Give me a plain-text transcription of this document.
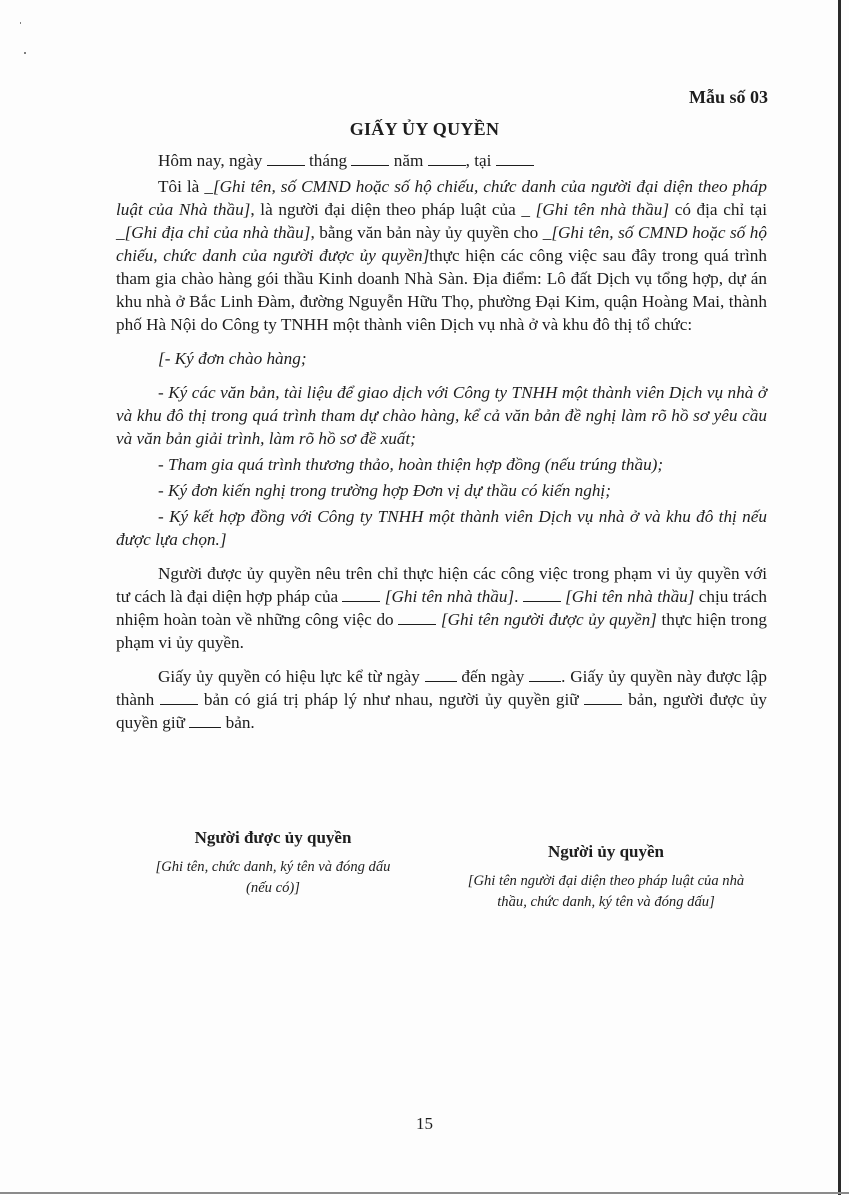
Mẫu số 03

GIẤY ỦY QUYỀN

Hôm nay, ngày  tháng  năm , tại

Tôi là _[Ghi tên, số CMND hoặc số hộ chiếu, chức danh của người đại diện theo pháp luật của Nhà thầu], là người đại diện theo pháp luật của _ [Ghi tên nhà thầu] có địa chỉ tại _[Ghi địa chỉ của nhà thầu], bằng văn bản này ủy quyền cho _[Ghi tên, số CMND hoặc số hộ chiếu, chức danh của người được ủy quyền]thực hiện các công việc sau đây trong quá trình tham gia chào hàng gói thầu Kinh doanh Nhà Sàn. Địa điểm: Lô đất Dịch vụ tổng hợp, dự án khu nhà ở Bắc Linh Đàm, đường Nguyễn Hữu Thọ, phường Đại Kim, quận Hoàng Mai, thành phố Hà Nội do Công ty TNHH một thành viên Dịch vụ nhà ở và khu đô thị tổ chức:

[- Ký đơn chào hàng;

- Ký các văn bản, tài liệu để giao dịch với Công ty TNHH một thành viên Dịch vụ nhà ở và khu đô thị trong quá trình tham dự chào hàng, kể cả văn bản đề nghị làm rõ hồ sơ yêu cầu và văn bản giải trình, làm rõ hồ sơ đề xuất;

- Tham gia quá trình thương thảo, hoàn thiện hợp đồng (nếu trúng thầu);

- Ký đơn kiến nghị trong trường hợp Đơn vị dự thầu có kiến nghị;

- Ký kết hợp đồng với Công ty TNHH một thành viên Dịch vụ nhà ở và khu đô thị nếu được lựa chọn.]

Người được ủy quyền nêu trên chỉ thực hiện các công việc trong phạm vi ủy quyền với tư cách là đại diện hợp pháp của  [Ghi tên nhà thầu].  [Ghi tên nhà thầu] chịu trách nhiệm hoàn toàn về những công việc do  [Ghi tên người được ủy quyền] thực hiện trong phạm vi ủy quyền.

Giấy ủy quyền có hiệu lực kể từ ngày  đến ngày . Giấy ủy quyền này được lập thành  bản có giá trị pháp lý như nhau, người ủy quyền giữ  bản, người được ủy quyền giữ  bản.

Người được ủy quyền

[Ghi tên, chức danh, ký tên và đóng dấu

(nếu có)]

Người ủy quyền

[Ghi tên người đại diện theo pháp luật của nhà

thầu, chức danh, ký tên và đóng dấu]

15
